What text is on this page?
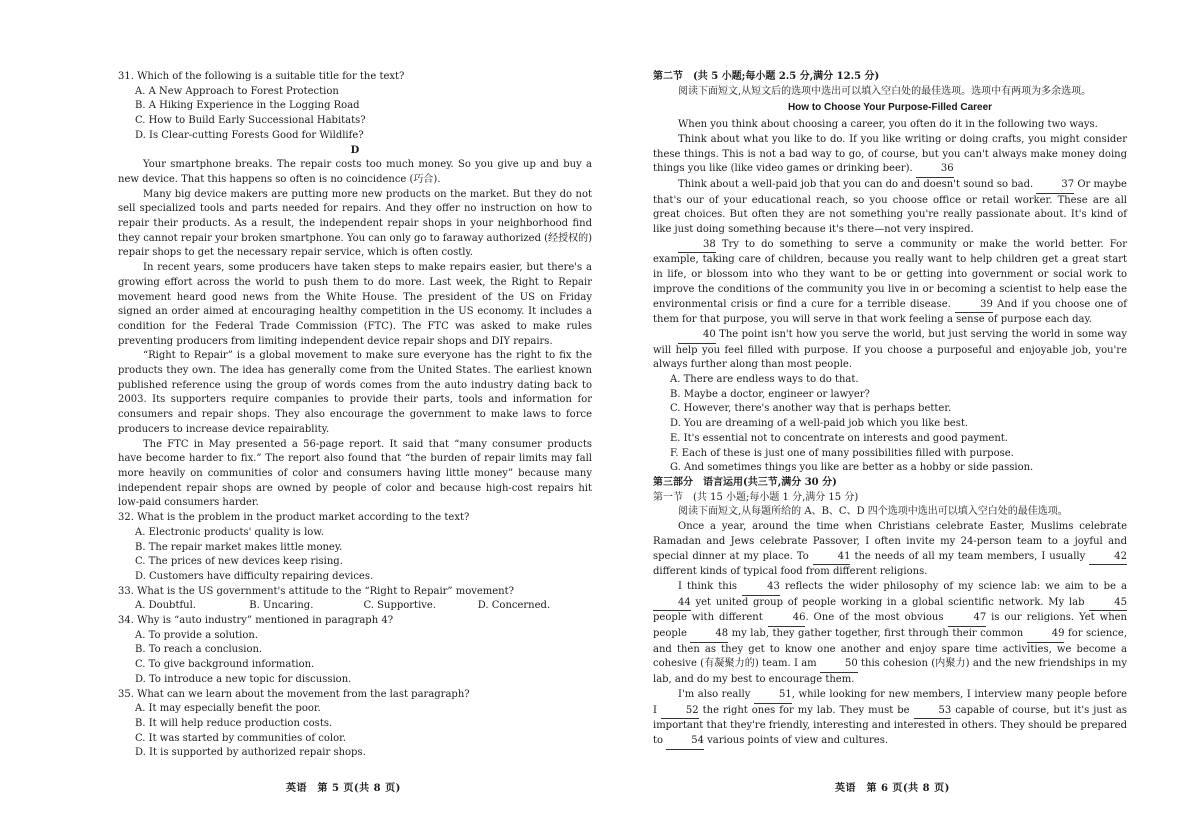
31. Which of the following is a suitable title for the text?

A. A New Approach to Forest Protection

B. A Hiking Experience in the Logging Road

C. How to Build Early Successional Habitats?

D. Is Clear-cutting Forests Good for Wildlife?

D

Your smartphone breaks. The repair costs too much money. So you give up and buy a new device. That this happens so often is no coincidence (巧合).

Many big device makers are putting more new products on the market. But they do not sell specialized tools and parts needed for repairs. And they offer no instruction on how to repair their products. As a result, the independent repair shops in your neighborhood find they cannot repair your broken smartphone. You can only go to faraway authorized (经授权的) repair shops to get the necessary repair service, which is often costly.

In recent years, some producers have taken steps to make repairs easier, but there's a growing effort across the world to push them to do more. Last week, the Right to Repair movement heard good news from the White House. The president of the US on Friday signed an order aimed at encouraging healthy competition in the US economy. It includes a condition for the Federal Trade Commission (FTC). The FTC was asked to make rules preventing producers from limiting independent device repair shops and DIY repairs.

“Right to Repair” is a global movement to make sure everyone has the right to fix the products they own. The idea has generally come from the United States. The earliest known published reference using the group of words comes from the auto industry dating back to 2003. Its supporters require companies to provide their parts, tools and information for consumers and repair shops. They also encourage the government to make laws to force producers to increase device repairablity.

The FTC in May presented a 56-page report. It said that “many consumer products have become harder to fix.” The report also found that “the burden of repair limits may fall more heavily on communities of color and consumers having little money” because many independent repair shops are owned by people of color and because high-cost repairs hit low-paid consumers harder.

32. What is the problem in the product market according to the text?

A. Electronic products' quality is low.

B. The repair market makes little money.

C. The prices of new devices keep rising.

D. Customers have difficulty repairing devices.

33. What is the US government's attitude to the “Right to Repair” movement?

A. Doubtful.	B. Uncaring.	C. Supportive.	D. Concerned.

34. Why is “auto industry” mentioned in paragraph 4?

A. To provide a solution.

B. To reach a conclusion.

C. To give background information.

D. To introduce a new topic for discussion.

35. What can we learn about the movement from the last paragraph?

A. It may especially benefit the poor.

B. It will help reduce production costs.

C. It was started by communities of color.

D. It is supported by authorized repair shops.

第二节　(共 5 小题;每小题 2.5 分,满分 12.5 分)

阅读下面短文,从短文后的选项中选出可以填入空白处的最佳选项。选项中有两项为多余选项。

How to Choose Your Purpose-Filled Career

When you think about choosing a career, you often do it in the following two ways.

Think about what you like to do. If you like writing or doing crafts, you might consider these things. This is not a bad way to go, of course, but you can't always make money doing things you like (like video games or drinking beer).	36

Think about a well-paid job that you can do and doesn't sound so bad.	37 Or maybe that's our of your educational reach, so you choose office or retail worker. These are all great choices. But often they are not something you're really passionate about. It's kind of like just doing something because it's there—not very inspired.

38 Try to do something to serve a community or make the world better. For example, taking care of children, because you really want to help children get a great start in life, or blossom into who they want to be or getting into government or social work to improve the conditions of the community you live in or becoming a scientist to help ease the environmental crisis or find a cure for a terrible disease.	39 And if you choose one of them for that purpose, you will serve in that work feeling a sense of purpose each day.

40 The point isn't how you serve the world, but just serving the world in some way will help you feel filled with purpose. If you choose a purposeful and enjoyable job, you're always further along than most people.

A. There are endless ways to do that.

B. Maybe a doctor, engineer or lawyer?

C. However, there's another way that is perhaps better.

D. You are dreaming of a well-paid job which you like best.

E. It's essential not to concentrate on interests and good payment.

F. Each of these is just one of many possibilities filled with purpose.

G. And sometimes things you like are better as a hobby or side passion.

第三部分　语言运用(共三节,满分 30 分)

第一节　(共 15 小题;每小题 1 分,满分 15 分)

阅读下面短文,从每题所给的 A、B、C、D 四个选项中选出可以填入空白处的最佳选项。

Once a year, around the time when Christians celebrate Easter, Muslims celebrate Ramadan and Jews celebrate Passover, I often invite my 24-person team to a joyful and special dinner at my place. To	41 the needs of all my team members, I usually	42 different kinds of typical food from different religions.

I think this	43 reflects the wider philosophy of my science lab: we aim to be a 44 yet united group of people working in a global scientific network. My lab	45 people with different	46. One of the most obvious	47 is our religions. Yet when people	48 my lab, they gather together, first through their common	49 for science, and then as they get to know one another and enjoy spare time activities, we become a cohesive (有凝聚力的) team. I am	50 this cohesion (内聚力) and the new friendships in my lab, and do my best to encourage them.

I'm also really	51, while looking for new members, I interview many people before I	52 the right ones for my lab. They must be	53 capable of course, but it's just as important that they're friendly, interesting and interested in others. They should be prepared to	54 various points of view and cultures.

英语　第 5 页(共 8 页)	英语　第 6 页(共 8 页)
